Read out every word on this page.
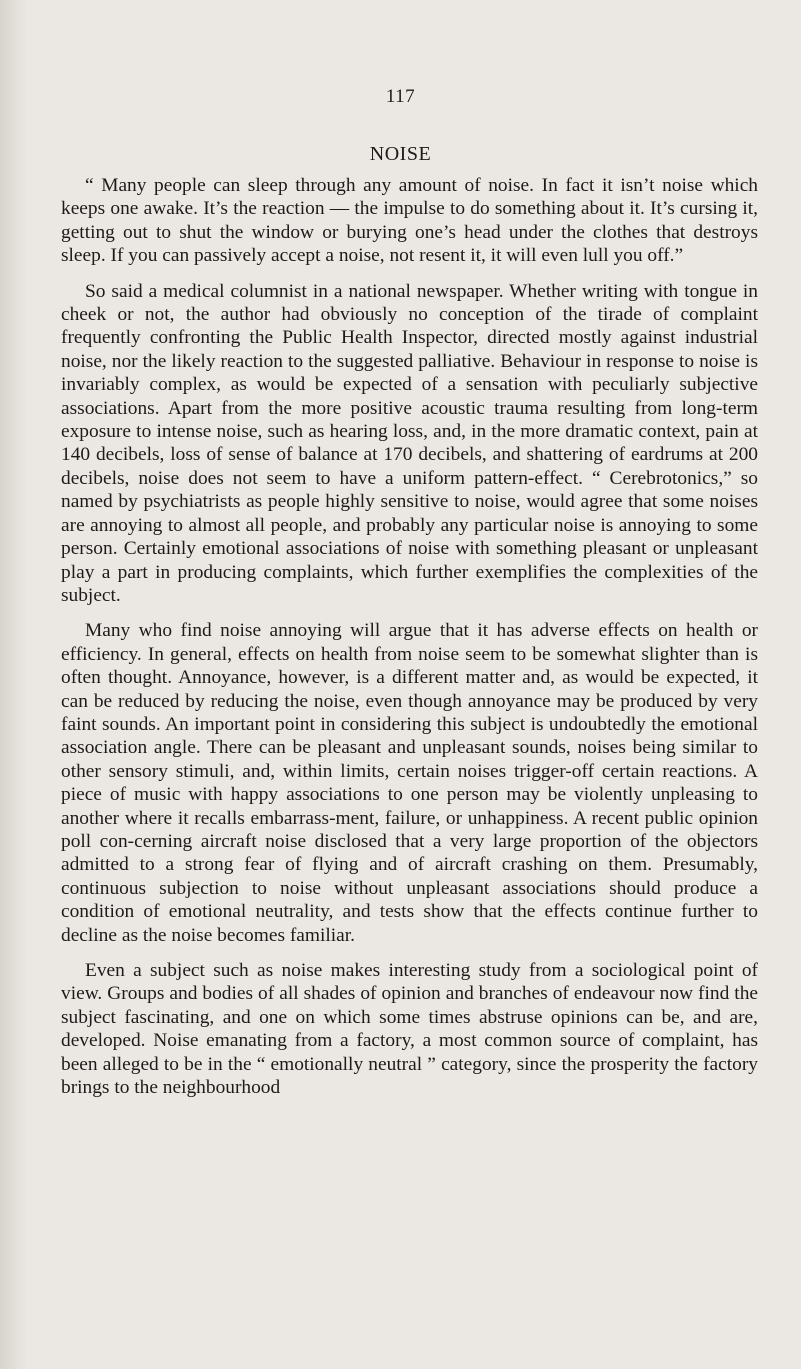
117
NOISE

“ Many people can sleep through any amount of noise. In fact it isn’t noise which keeps one awake. It’s the reaction — the impulse to do something about it. It’s cursing it, getting out to shut the window or burying one’s head under the clothes that destroys sleep. If you can passively accept a noise, not resent it, it will even lull you off.”

So said a medical columnist in a national newspaper. Whether writing with tongue in cheek or not, the author had obviously no conception of the tirade of complaint frequently confronting the Public Health Inspector, directed mostly against industrial noise, nor the likely reaction to the suggested palliative. Behaviour in response to noise is invariably complex, as would be expected of a sensation with peculiarly subjective associations. Apart from the more positive acoustic trauma resulting from long-term exposure to intense noise, such as hearing loss, and, in the more dramatic context, pain at 140 decibels, loss of sense of balance at 170 decibels, and shattering of eardrums at 200 decibels, noise does not seem to have a uniform pattern-effect. “ Cerebrotonics,” so named by psychiatrists as people highly sensitive to noise, would agree that some noises are annoying to almost all people, and probably any particular noise is annoying to some person. Certainly emotional associations of noise with something pleasant or unpleasant play a part in producing complaints, which further exemplifies the complexities of the subject.

Many who find noise annoying will argue that it has adverse effects on health or efficiency. In general, effects on health from noise seem to be somewhat slighter than is often thought. Annoyance, however, is a different matter and, as would be expected, it can be reduced by reducing the noise, even though annoyance may be produced by very faint sounds. An important point in considering this subject is undoubtedly the emotional association angle. There can be pleasant and unpleasant sounds, noises being similar to other sensory stimuli, and, within limits, certain noises trigger-off certain reactions. A piece of music with happy associations to one person may be violently unpleasing to another where it recalls embarrass-ment, failure, or unhappiness. A recent public opinion poll con-cerning aircraft noise disclosed that a very large proportion of the objectors admitted to a strong fear of flying and of aircraft crashing on them. Presumably, continuous subjection to noise without unpleasant associations should produce a condition of emotional neutrality, and tests show that the effects continue further to decline as the noise becomes familiar.

Even a subject such as noise makes interesting study from a sociological point of view. Groups and bodies of all shades of opinion and branches of endeavour now find the subject fascinating, and one on which some times abstruse opinions can be, and are, developed. Noise emanating from a factory, a most common source of complaint, has been alleged to be in the “ emotionally neutral ” category, since the prosperity the factory brings to the neighbourhood
